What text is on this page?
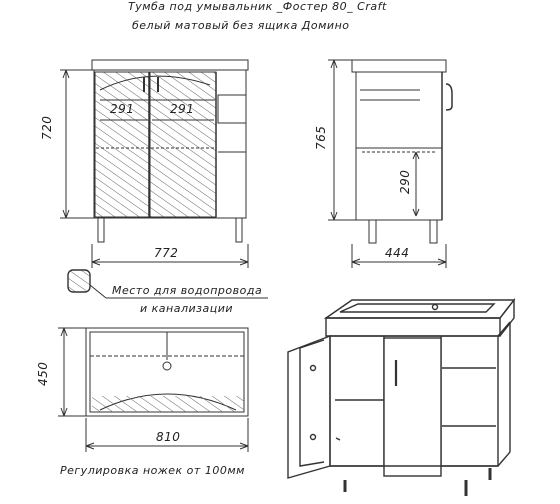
Тумба под умывальник _Фостер 80_ Craft
белый матовый без ящика Домино
291	291
720
772
765
290
444
Место для водопровода
и канализации
450
810
Регулировка ножек от 100мм
